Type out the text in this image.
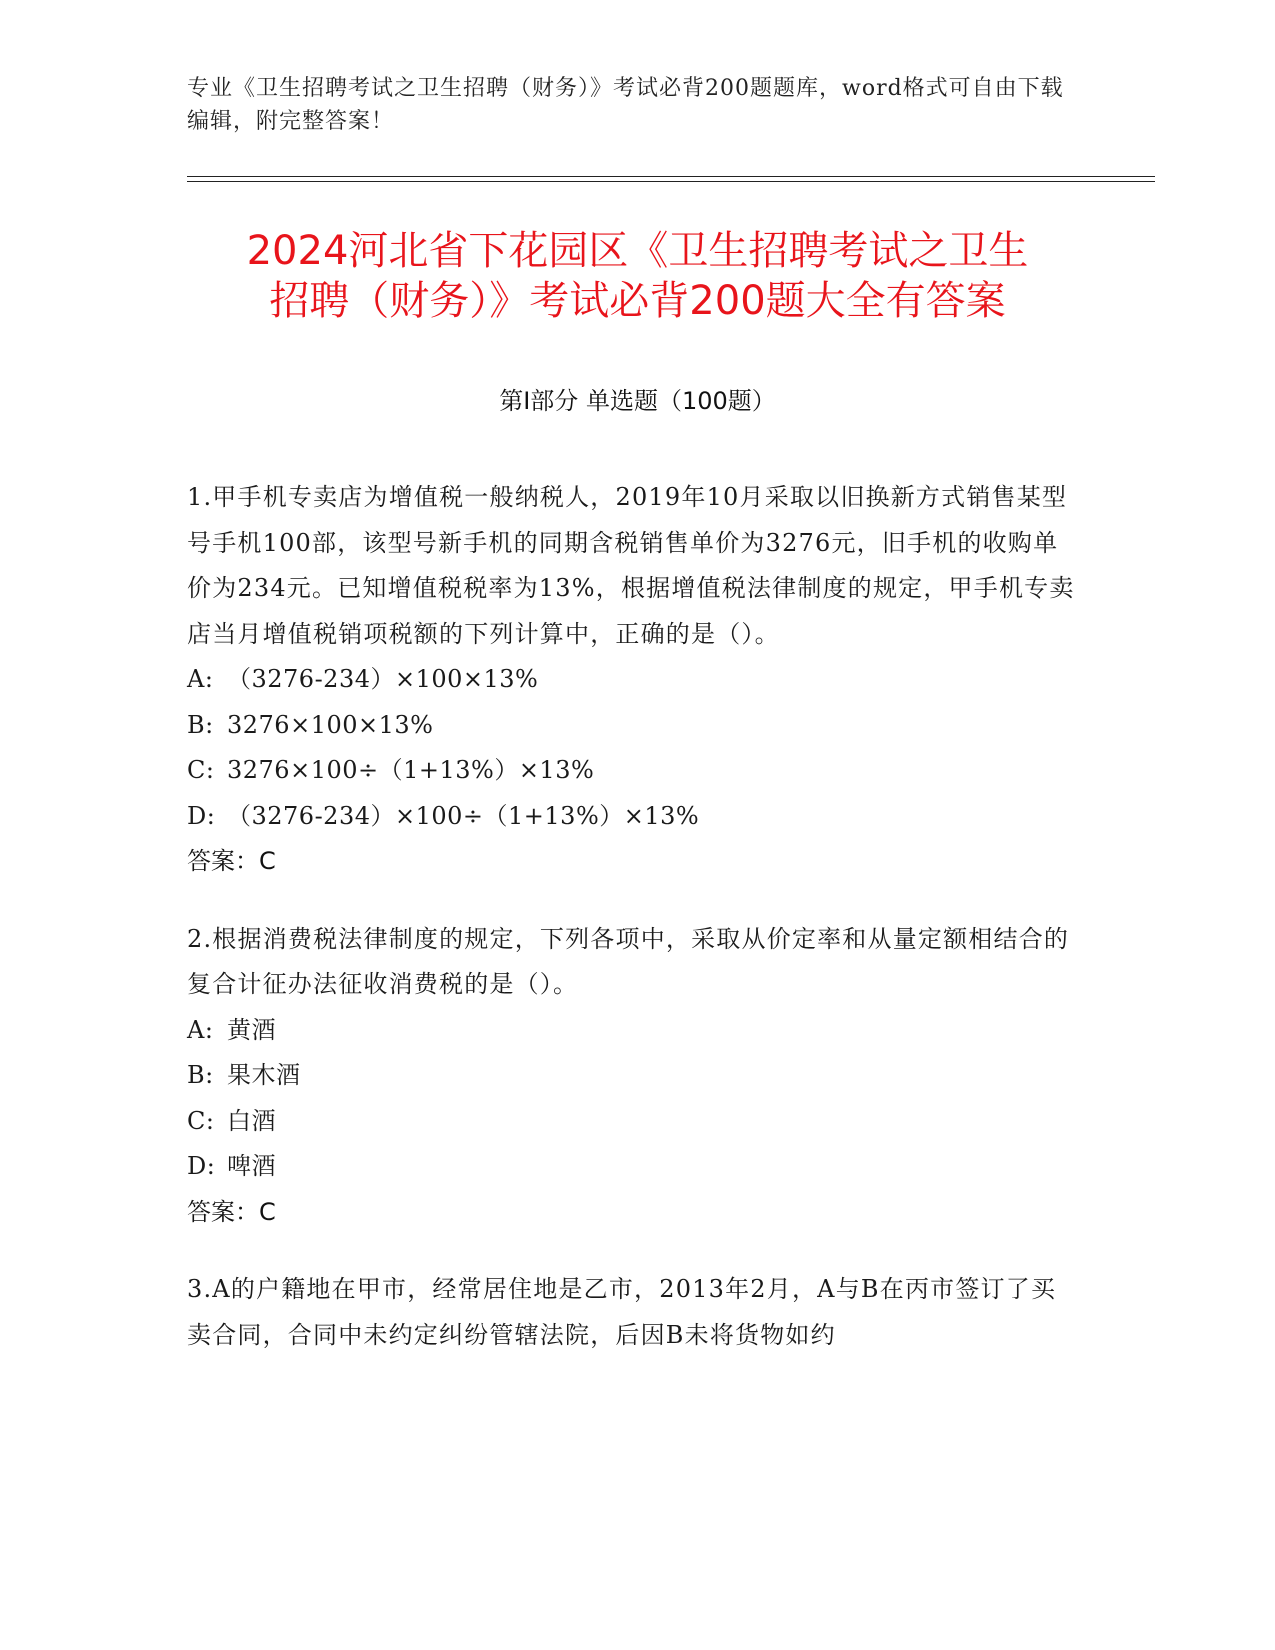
专业《卫生招聘考试之卫生招聘（财务）》考试必背200题题库，word格式可自由下载编辑，附完整答案！
2024河北省下花园区《卫生招聘考试之卫生
招聘（财务）》考试必背200题大全有答案
第Ⅰ部分 单选题（100题）

1.甲手机专卖店为增值税一般纳税人，2019年10月采取以旧换新方式销售某型号手机100部，该型号新手机的同期含税销售单价为3276元，旧手机的收购单价为234元。已知增值税税率为13%，根据增值税法律制度的规定，甲手机专卖店当月增值税销项税额的下列计算中，正确的是（）。

A: （3276-234）×100×13%

B: 3276×100×13%

C: 3276×100÷（1+13%）×13%

D: （3276-234）×100÷（1+13%）×13%

答案：C

2.根据消费税法律制度的规定，下列各项中，采取从价定率和从量定额相结合的复合计征办法征收消费税的是（）。

A: 黄酒

B: 果木酒

C: 白酒

D: 啤酒

答案：C

3.A的户籍地在甲市，经常居住地是乙市，2013年2月，A与B在丙市签订了买卖合同，合同中未约定纠纷管辖法院，后因B未将货物如约
